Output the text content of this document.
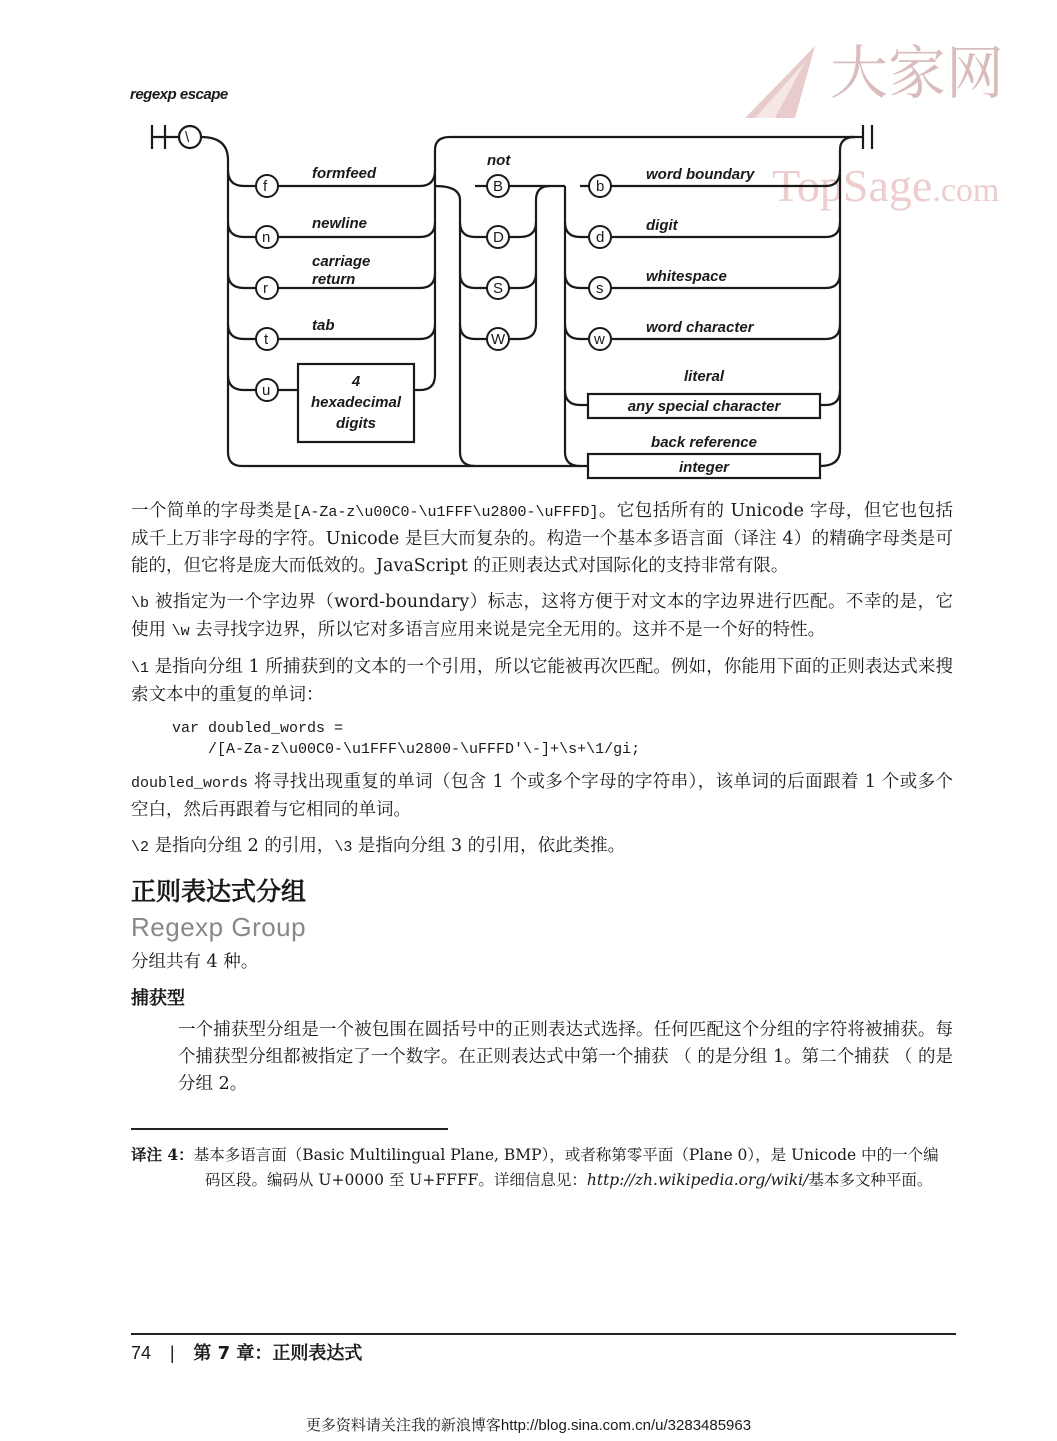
大家网
TopSage.com
regexp escape
\
f
n
r
t
u
formfeed
newline
carriage
return
tab
4
hexadecimal
digits
not
B
D
S
W
b
d
s
w
word boundary
digit
whitespace
word character
literal
any special character
back reference
integer
一个简单的字母类是[A-Za-z\u00C0-\u1FFF\u2800-\uFFFD]。它包括所有的 Unicode 字母，但它也包括成千上万非字母的字符。Unicode 是巨大而复杂的。构造一个基本多语言面（译注 4）的精确字母类是可能的，但它将是庞大而低效的。JavaScript 的正则表达式对国际化的支持非常有限。
\b 被指定为一个字边界（word-boundary）标志，这将方便于对文本的字边界进行匹配。不幸的是，它使用 \w 去寻找字边界，所以它对多语言应用来说是完全无用的。这并不是一个好的特性。
\1 是指向分组 1 所捕获到的文本的一个引用，所以它能被再次匹配。例如，你能用下面的正则表达式来搜索文本中的重复的单词：
var doubled_words =
/[A-Za-z\u00C0-\u1FFF\u2800-\uFFFD'\-]+\s+\1/gi;
doubled_words 将寻找出现重复的单词（包含 1 个或多个字母的字符串），该单词的后面跟着 1 个或多个空白，然后再跟着与它相同的单词。
\2 是指向分组 2 的引用，\3 是指向分组 3 的引用，依此类推。
正则表达式分组
Regexp Group
分组共有 4 种。
捕获型
一个捕获型分组是一个被包围在圆括号中的正则表达式选择。任何匹配这个分组的字符将被捕获。每个捕获型分组都被指定了一个数字。在正则表达式中第一个捕获 （ 的是分组 1。第二个捕获 （ 的是分组 2。
译注 4：基本多语言面（Basic Multilingual Plane, BMP），或者称第零平面（Plane 0），是 Unicode 中的一个编码区段。编码从 U+0000 至 U+FFFF。详细信息见：http://zh.wikipedia.org/wiki/基本多文种平面。
74 | 第 7 章：正则表达式
更多资料请关注我的新浪博客http://blog.sina.com.cn/u/3283485963
